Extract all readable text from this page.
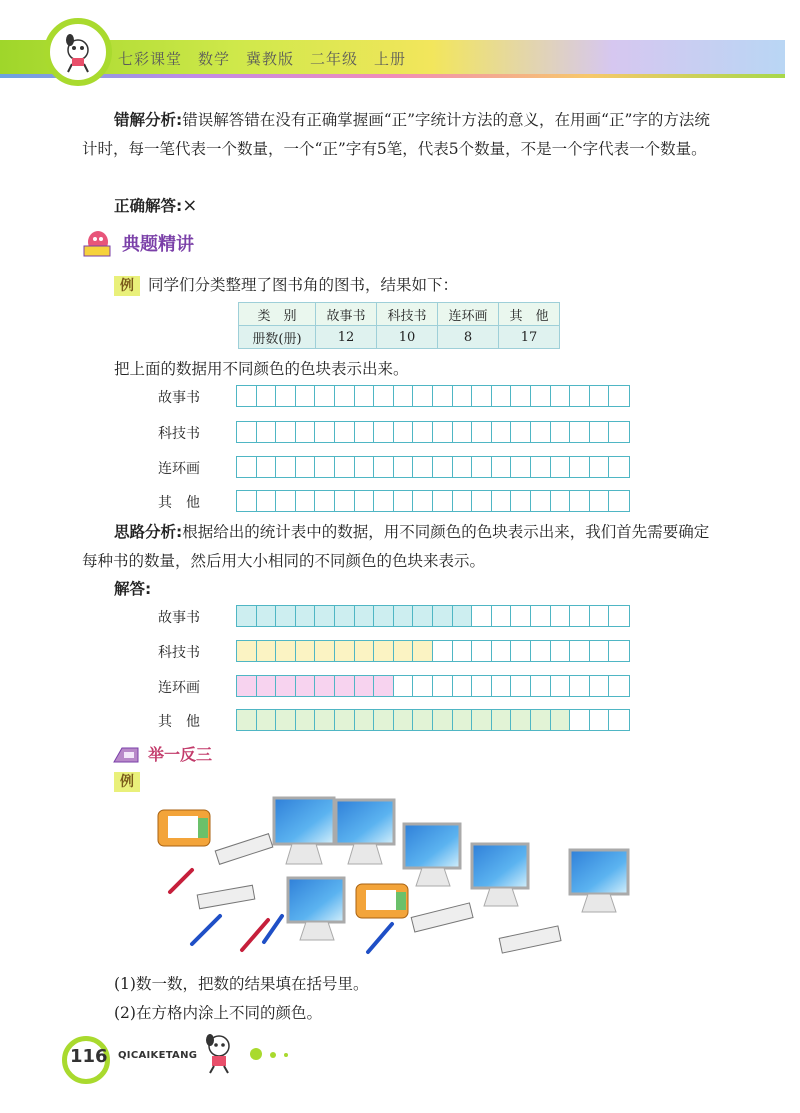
七彩课堂　数学　冀教版　二年级　上册
错解分析:错误解答错在没有正确掌握画“正”字统计方法的意义，在用画“正”字的方法统计时，每一笔代表一个数量，一个“正”字有5笔，代表5个数量，不是一个字代表一个数量。
正确解答:×
典题精讲
例 同学们分类整理了图书角的图书，结果如下：
类　别	故事书	科技书	连环画	其　他
册数(册)	12	10	8	17
把上面的数据用不同颜色的色块表示出来。
故事书
科技书
连环画
其　他
思路分析:根据给出的统计表中的数据，用不同颜色的色块表示出来，我们首先需要确定每种书的数量，然后用大小相同的不同颜色的色块来表示。
解答:
故事书
科技书
连环画
其　他
举一反三
例
(1)数一数，把数的结果填在括号里。
(2)在方格内涂上不同的颜色。
116 QICAIKETANG
